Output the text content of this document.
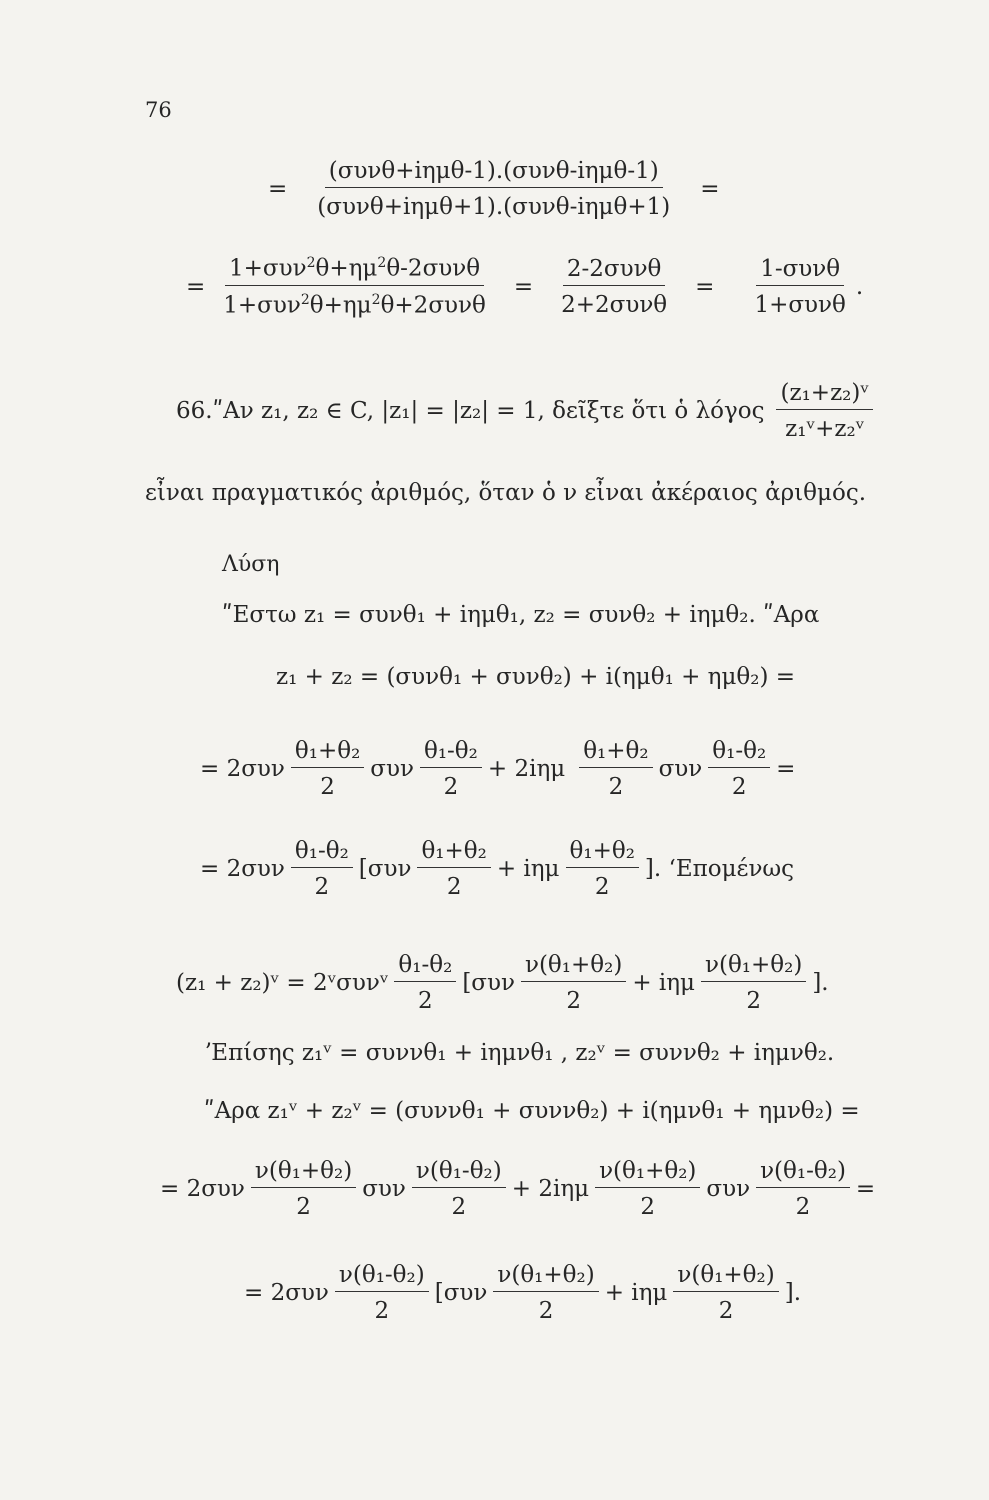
76
= $\frac{\text{(συνθ+iημθ-1).(συνθ-iημθ-1)}}{\text{(συνθ+iημθ+1).(συνθ-iημθ+1)}}$ =
= $\frac{1+\sigma\upsilon\nu^2\theta+\eta\mu^2\theta-2\sigma\upsilon\nu\theta}{1+\sigma\upsilon\nu^2\theta+\eta\mu^2\theta+2\sigma\upsilon\nu\theta} = \frac{\text{2-2συνθ}}{\text{2+2συνθ}} = \frac{\text{1-συνθ}}{\text{1+συνθ}}$ .
66.ʺΑν z₁, z₂ ∈ C, |z₁| = |z₂| = 1, δεῖξτε ὅτι ὁ λόγος $\frac{\text{(z₁+z₂)ᵛ}}{\text{z₁ᵛ+z₂ᵛ}}$
εἶναι πραγματικός ἀριθμός, ὅταν ὁ ν εἶναι ἀκέραιος ἀριθμός.
Λύση
ʺΕστω z₁ = συνθ₁ + iημθ₁, z₂ = συνθ₂ + iημθ₂. ʺΑρα
z₁ + z₂ = (συνθ₁ + συνθ₂) + i(ημθ₁ + ημθ₂) =
= $2\sigma\upsilon\nu \frac{\text{θ₁+θ₂}}{2}$ συν $\frac{\text{θ₁-θ₂}}{2} + 2i\eta\mu \frac{\text{θ₁+θ₂}}{2}$ συν $\frac{\text{θ₁-θ₂}}{2}$ =
= $2\sigma\upsilon\nu \frac{\text{θ₁-θ₂}}{2} [\sigma\upsilon\nu \frac{\text{θ₁+θ₂}}{2} + i\eta\mu \frac{\text{θ₁+θ₂}}{2}$ ]. ʻΕπομένως
(z₁ + z₂)ᵛ = 2ᵛσυνᵛ $\frac{\text{θ₁-θ₂}}{2} [\sigma\upsilon\nu \frac{\text{ν(θ₁+θ₂)}}{2} + i\eta\mu \frac{\text{ν(θ₁+θ₂)}}{2}$ ].
ʼΕπίσης z₁ᵛ = συννθ₁ + iημνθ₁ , z₂ᵛ = συννθ₂ + iημνθ₂.
ʺΑρα z₁ᵛ + z₂ᵛ = (συννθ₁ + συννθ₂) + i(ημνθ₁ + ημνθ₂) =
= $2\sigma\upsilon\nu \frac{\text{ν(θ₁+θ₂)}}{2}$ συν $\frac{\text{ν(θ₁-θ₂)}}{2} + 2i\eta\mu \frac{\text{ν(θ₁+θ₂)}}{2}$ συν $\frac{\text{ν(θ₁-θ₂)}}{2}$ =
= $2\sigma\upsilon\nu \frac{\text{ν(θ₁-θ₂)}}{2} [\sigma\upsilon\nu \frac{\text{ν(θ₁+θ₂)}}{2} + i\eta\mu \frac{\text{ν(θ₁+θ₂)}}{2}$ ].
